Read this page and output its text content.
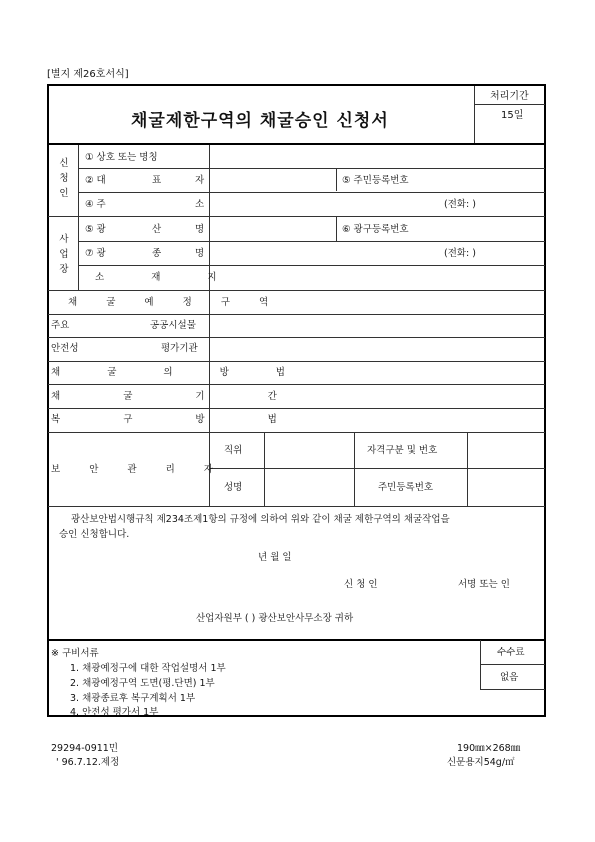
[별지 제26호서식]
채굴제한구역의 채굴승인 신청서
처리기간
15일
신청인
① 상호 또는 명칭
② 대	표	자	⑤ 주민등록번호
④ 주	소	(전화: )
사업장
⑤ 광	산	명	⑥ 광구등록번호
⑦ 광	종	명	(전화: )
소 재 지
채 굴 예 정 구 역
주요	공공시설물
안전성	평가기관
채 굴 의 방 법
채 굴 기 간
복 구 방 법
보 안 관 리 자
직위	자격구분 및 번호
성명	주민등록번호
광산보안법시행규칙 제234조제1항의 규정에 의하여 위와 같이 채굴 제한구역의 채굴작업을
승인 신청합니다.
년 월 일
신 청 인	서명 또는 인
산업자원부 ( ) 광산보안사무소장 귀하
※ 구비서류
1. 채광예정구에 대한 작업설명서 1부
2. 채광예정구역 도면(평.단면) 1부
3. 채광종료후 복구계획서 1부
4. 안전성 평가서 1부
수수료
없음
29294-0911민
' 96.7.12.제정
190㎜×268㎜
신문용지54g/㎡
